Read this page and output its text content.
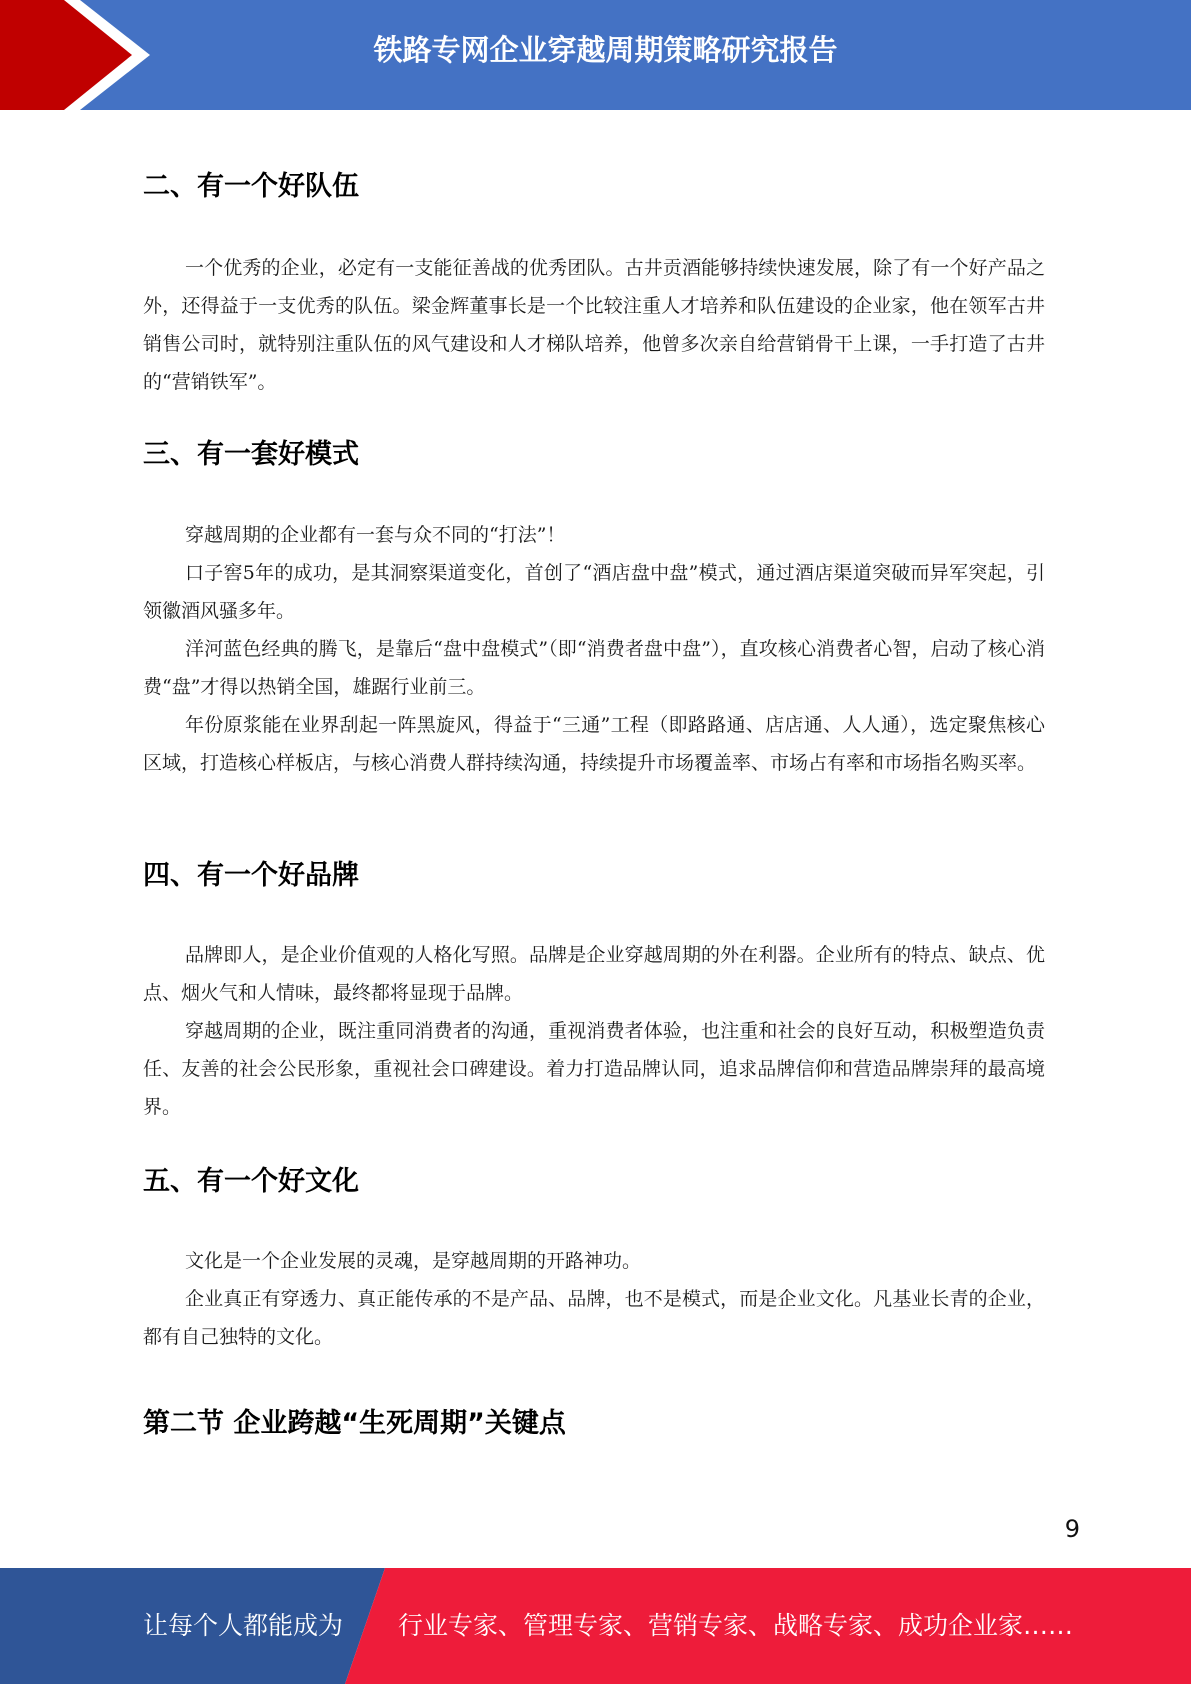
铁路专网企业穿越周期策略研究报告
二、有一个好队伍

一个优秀的企业，必定有一支能征善战的优秀团队。古井贡酒能够持续快速发展，除了有一个好产品之外，还得益于一支优秀的队伍。梁金辉董事长是一个比较注重人才培养和队伍建设的企业家，他在领军古井销售公司时，就特别注重队伍的风气建设和人才梯队培养，他曾多次亲自给营销骨干上课，一手打造了古井的“营销铁军”。

三、有一套好模式

穿越周期的企业都有一套与众不同的“打法”！

口子窖5年的成功，是其洞察渠道变化，首创了“酒店盘中盘”模式，通过酒店渠道突破而异军突起，引领徽酒风骚多年。

洋河蓝色经典的腾飞，是靠后“盘中盘模式”（即“消费者盘中盘”），直攻核心消费者心智，启动了核心消费“盘”才得以热销全国，雄踞行业前三。

年份原浆能在业界刮起一阵黑旋风，得益于“三通”工程（即路路通、店店通、人人通），选定聚焦核心区域，打造核心样板店，与核心消费人群持续沟通，持续提升市场覆盖率、市场占有率和市场指名购买率。

四、有一个好品牌

品牌即人，是企业价值观的人格化写照。品牌是企业穿越周期的外在利器。企业所有的特点、缺点、优点、烟火气和人情味，最终都将显现于品牌。

穿越周期的企业，既注重同消费者的沟通，重视消费者体验，也注重和社会的良好互动，积极塑造负责任、友善的社会公民形象，重视社会口碑建设。着力打造品牌认同，追求品牌信仰和营造品牌崇拜的最高境界。

五、有一个好文化

文化是一个企业发展的灵魂，是穿越周期的开路神功。

企业真正有穿透力、真正能传承的不是产品、品牌，也不是模式，而是企业文化。凡基业长青的企业，都有自己独特的文化。

第二节 企业跨越“生死周期”关键点
9
让每个人都能成为 行业专家、管理专家、营销专家、战略专家、成功企业家……
